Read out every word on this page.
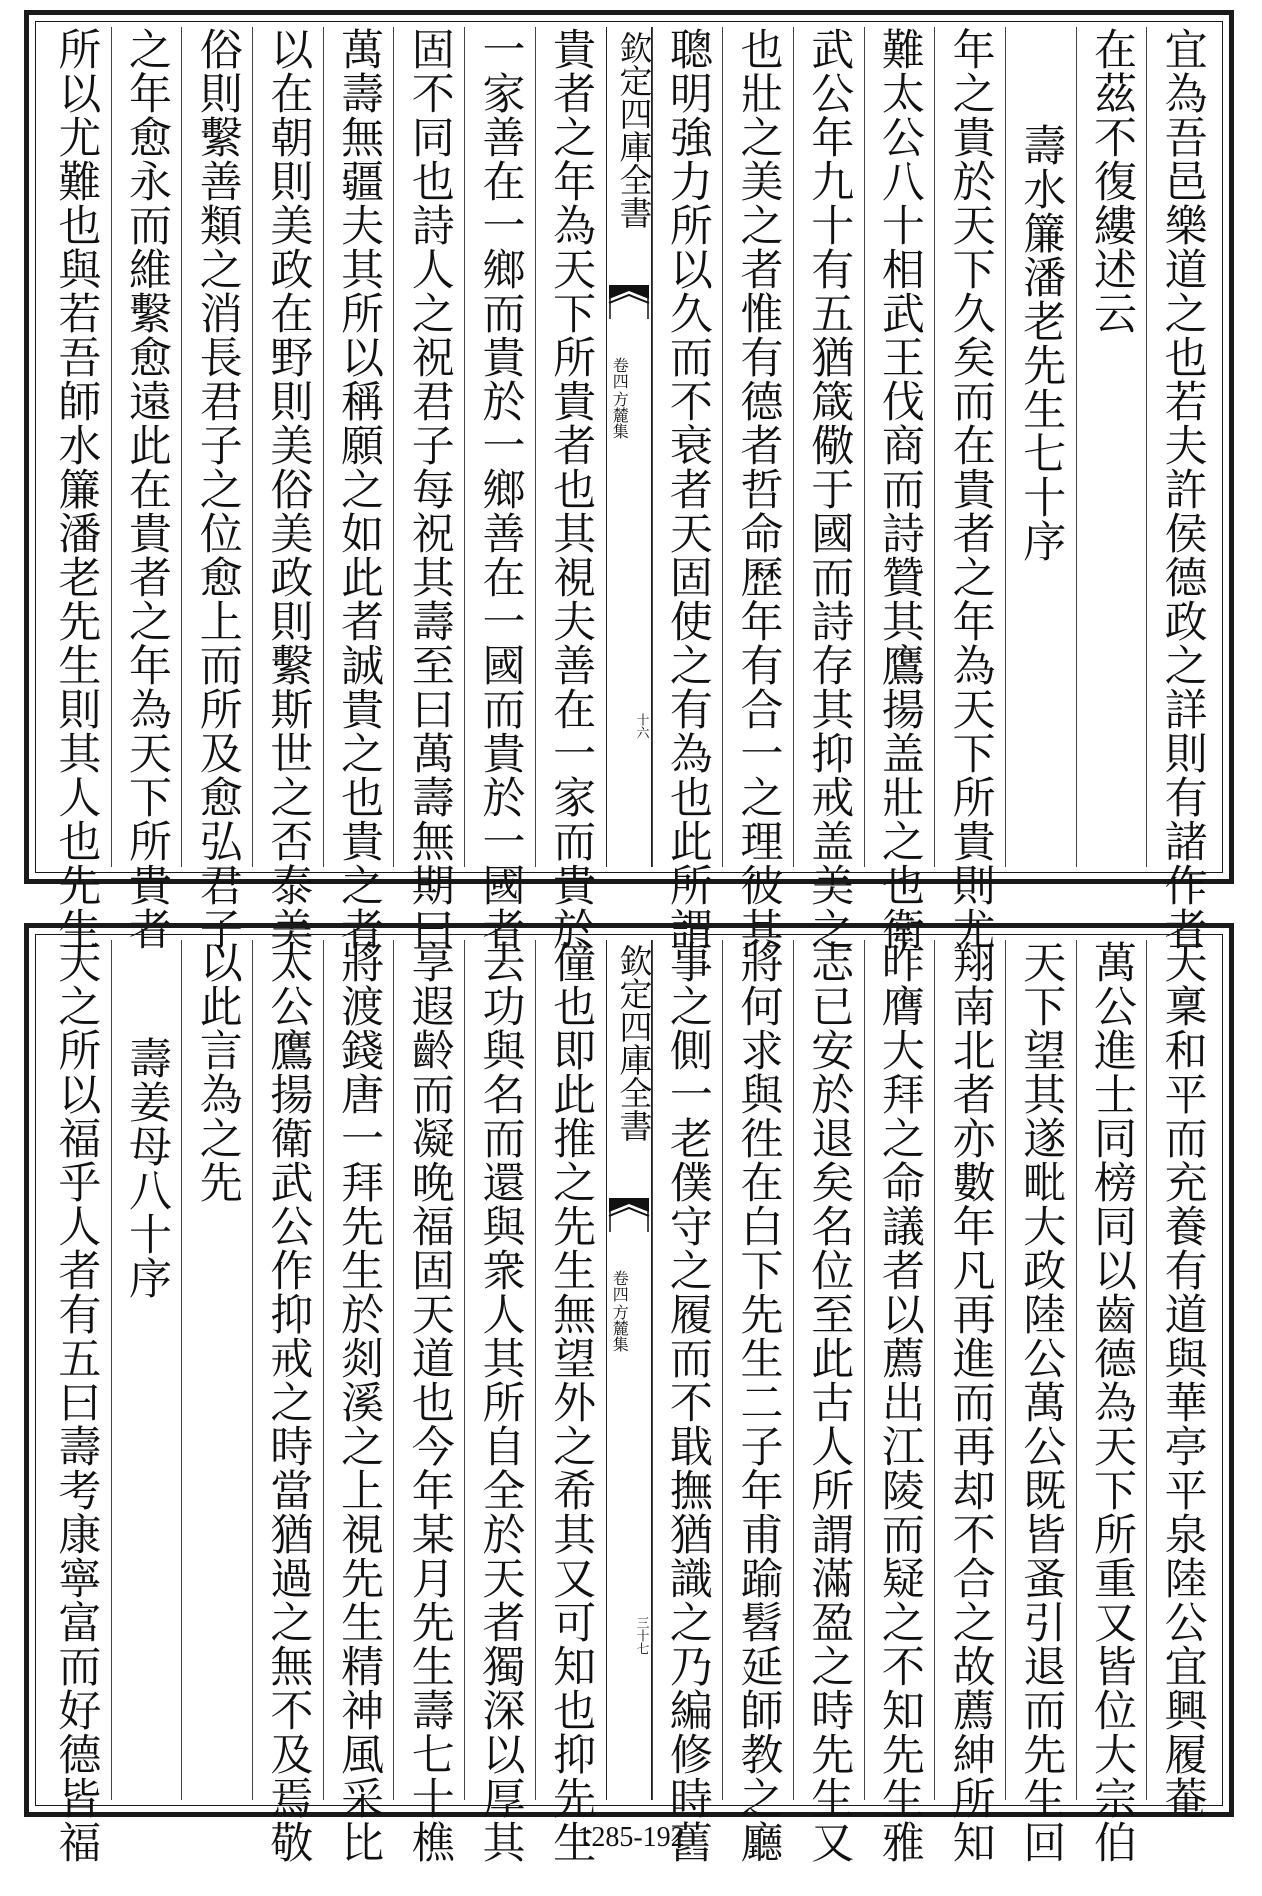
宜為吾邑樂道之也若夫許侯德政之詳則有諸作者
在茲不復縷述云
壽水簾潘老先生七十序
年之貴於天下久矣而在貴者之年為天下所貴則尤
難太公八十相武王伐商而詩贊其鷹揚盖壯之也衛
武公年九十有五猶箴儆于國而詩存其抑戒盖美之
也壯之美之者惟有德者哲命歷年有合一之理彼其
聰明強力所以久而不衰者天固使之有為也此所謂
欽定四庫全書
方麓集
卷四
十六
貴者之年為天下所貴者也其視夫善在一家而貴於
一家善在一鄉而貴於一鄉善在一國而貴於一國者
固不同也詩人之祝君子每祝其壽至曰萬壽無期曰
萬壽無疆夫其所以稱願之如此者誠貴之也貴之者
以在朝則美政在野則美俗美政則繫斯世之否泰美
俗則繫善類之消長君子之位愈上而所及愈弘君子
之年愈永而維繫愈遠此在貴者之年為天下所貴者
所以尤難也與若吾師水簾潘老先生則其人也先生
天稟和平而充養有道與華亭平泉陸公宜興履菴
萬公進士同榜同以齒德為天下所重又皆位大宗伯
天下望其遂毗大政陸公萬公既皆蚤引退而先生回
翔南北者亦數年凡再進而再却不合之故薦紳所知
昨膺大拜之命議者以薦出江陵而疑之不知先生雅
志已安於退矣名位至此古人所謂滿盈之時先生又
將何求與徃在白下先生二子年甫踰髫延師教之廳
事之側一老僕守之履而不戢撫猶識之乃編修時舊
欽定四庫全書
方麓集
卷四
三十七
僮也即此推之先生無望外之希其又可知也抑先生
去功與名而還與衆人其所自全於天者獨深以厚其
享遐齡而凝晚福固天道也今年某月先生壽七十樵
將渡錢唐一拜先生於剡溪之上視先生精神風采比
太公鷹揚衛武公作抑戒之時當猶過之無不及焉敬
以此言為之先
壽姜母八十序
天之所以福乎人者有五曰壽考康寧富而好德皆福	1285-192
